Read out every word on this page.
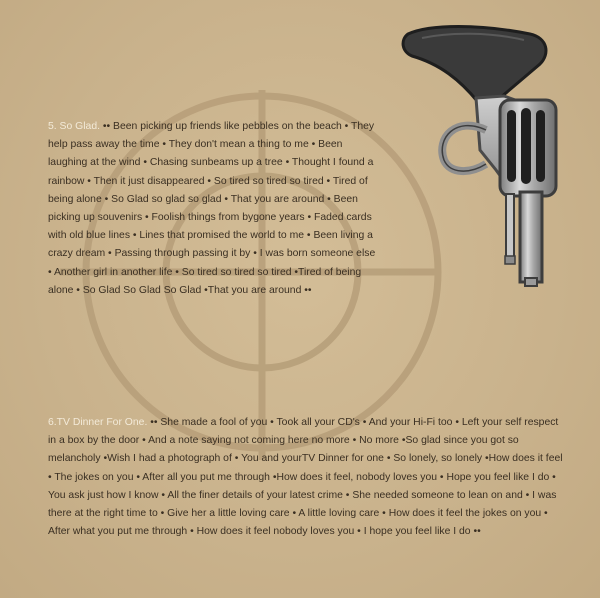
5. So Glad. •• Been picking up friends like pebbles on the beach • They help pass away the time • They don't mean a thing to me • Been laughing at the wind • Chasing sunbeams up a tree • Thought I found a rainbow • Then it just disappeared • So tired so tired so tired • Tired of being alone • So Glad so glad so glad • That you are around • Been picking up souvenirs • Foolish things from bygone years • Faded cards with old blue lines • Lines that promised the world to me • Been living a crazy dream • Passing through passing it by • I was born someone else • Another girl in another life • So tired so tired so tired •Tired of being alone • So Glad So Glad So Glad •That you are around ••

6.TV Dinner For One. •• She made a fool of you • Took all your CD's • And your Hi-Fi too • Left your self respect in a box by the door • And a note saying not coming here no more • No more •So glad since you got so melancholy •Wish I had a photograph of • You and yourTV Dinner for one • So lonely, so lonely •How does it feel • The jokes on you • After all you put me through •How does it feel, nobody loves you • Hope you feel like I do • You ask just how I know • All the finer details of your latest crime • She needed someone to lean on and • I was there at the right time to • Give her a little loving care • A little loving care • How does it feel the jokes on you • After what you put me through • How does it feel nobody loves you • I hope you feel like I do ••
